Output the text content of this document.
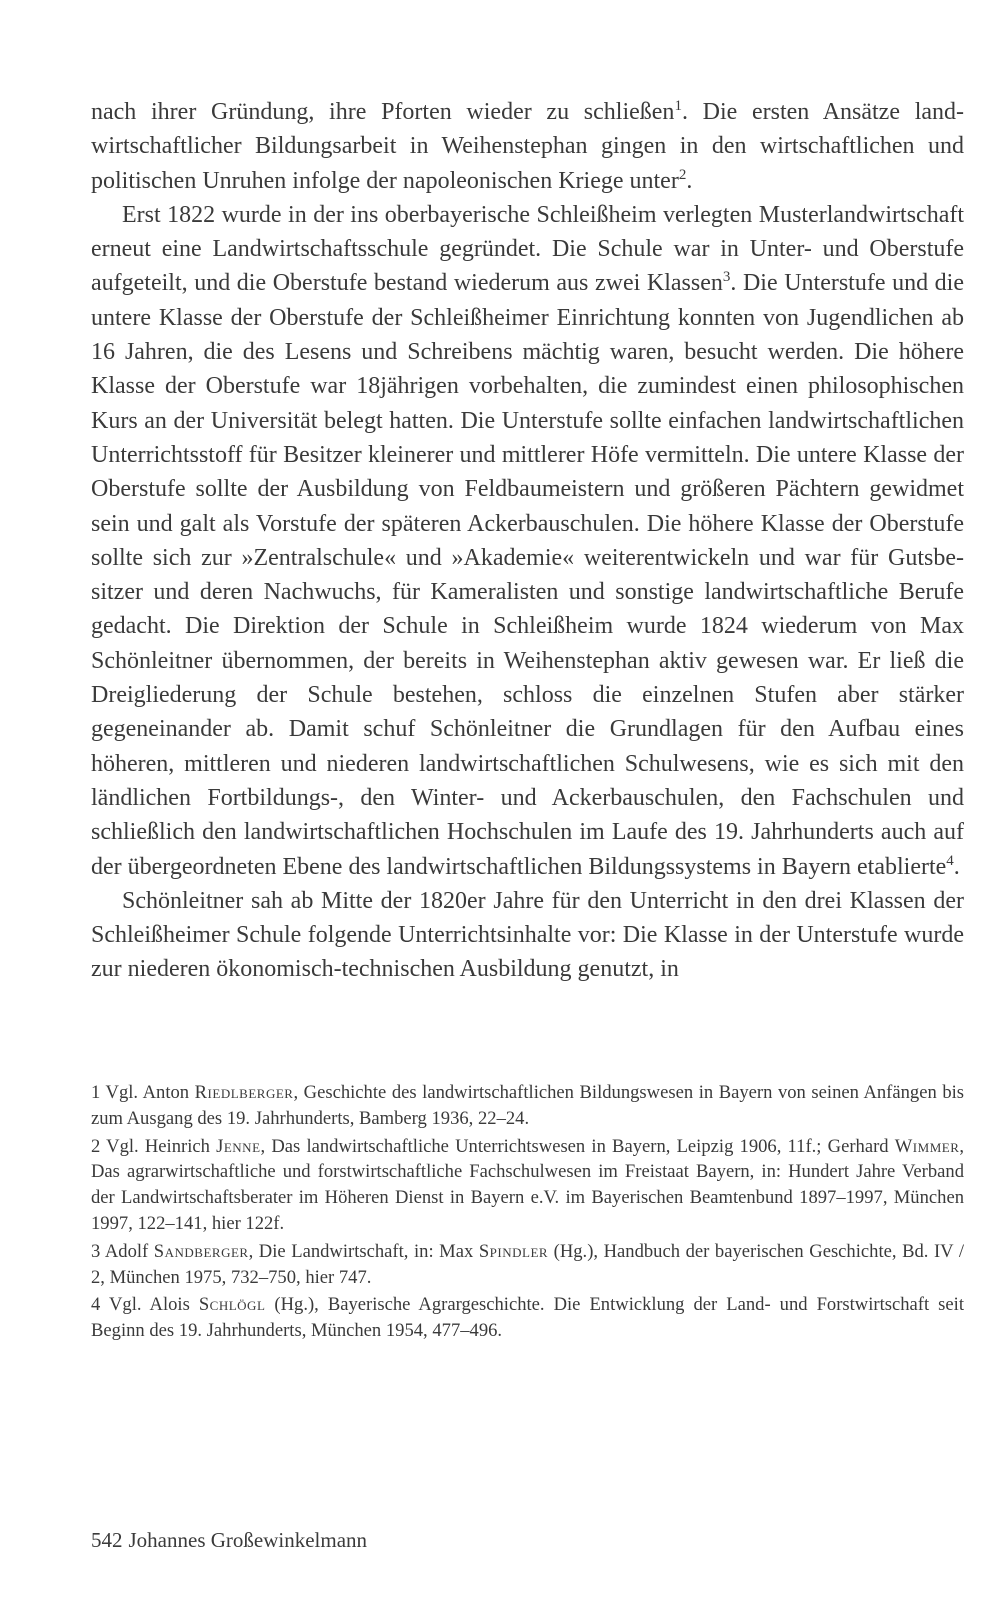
nach ihrer Gründung, ihre Pforten wieder zu schließen$^1$. Die ersten Ansätze landwirtschaftlicher Bildungsarbeit in Weihenstephan gingen in den wirtschaftlichen und politischen Unruhen infolge der napoleonischen Kriege unter$^2$.

Erst 1822 wurde in der ins oberbayerische Schleißheim verlegten Musterlandwirtschaft erneut eine Landwirtschaftsschule gegründet. Die Schule war in Unter- und Oberstufe aufgeteilt, und die Oberstufe bestand wiederum aus zwei Klassen$^3$. Die Unterstufe und die untere Klasse der Oberstufe der Schleißheimer Einrichtung konnten von Jugendlichen ab 16 Jahren, die des Lesens und Schreibens mächtig waren, besucht werden. Die höhere Klasse der Oberstufe war 18jährigen vorbehalten, die zumindest einen philosophischen Kurs an der Universität belegt hatten. Die Unterstufe sollte einfachen landwirtschaftlichen Unterrichtsstoff für Besitzer kleinerer und mittlerer Höfe vermitteln. Die untere Klasse der Oberstufe sollte der Ausbildung von Feldbaumeistern und größeren Pächtern gewidmet sein und galt als Vorstufe der späteren Ackerbauschulen. Die höhere Klasse der Oberstufe sollte sich zur »Zentralschule« und »Akademie« weiterentwickeln und war für Gutsbesitzer und deren Nachwuchs, für Kameralisten und sonstige landwirtschaftliche Berufe gedacht. Die Direktion der Schule in Schleißheim wurde 1824 wiederum von Max Schönleitner übernommen, der bereits in Weihenstephan aktiv gewesen war. Er ließ die Dreigliederung der Schule bestehen, schloss die einzelnen Stufen aber stärker gegeneinander ab. Damit schuf Schönleitner die Grundlagen für den Aufbau eines höheren, mittleren und niederen landwirtschaftlichen Schulwesens, wie es sich mit den ländlichen Fortbildungs-, den Winter- und Ackerbauschulen, den Fachschulen und schließlich den landwirtschaftlichen Hochschulen im Laufe des 19. Jahrhunderts auch auf der übergeordneten Ebene des landwirtschaftlichen Bildungssystems in Bayern etablierte$^4$.

Schönleitner sah ab Mitte der 1820er Jahre für den Unterricht in den drei Klassen der Schleißheimer Schule folgende Unterrichtsinhalte vor: Die Klasse in der Unterstufe wurde zur niederen ökonomisch-technischen Ausbildung genutzt, in

1 Vgl. Anton Riedlberger, Geschichte des landwirtschaftlichen Bildungswesen in Bayern von seinen Anfängen bis zum Ausgang des 19. Jahrhunderts, Bamberg 1936, 22–24.

2 Vgl. Heinrich Jenne, Das landwirtschaftliche Unterrichtswesen in Bayern, Leipzig 1906, 11f.; Gerhard Wimmer, Das agrarwirtschaftliche und forstwirtschaftliche Fachschulwesen im Freistaat Bayern, in: Hundert Jahre Verband der Landwirtschaftsberater im Höheren Dienst in Bayern e.V. im Bayerischen Beamtenbund 1897–1997, München 1997, 122–141, hier 122f.

3 Adolf Sandberger, Die Landwirtschaft, in: Max Spindler (Hg.), Handbuch der bayerischen Geschichte, Bd. IV / 2, München 1975, 732–750, hier 747.

4 Vgl. Alois Schlögl (Hg.), Bayerische Agrargeschichte. Die Entwicklung der Land- und Forstwirtschaft seit Beginn des 19. Jahrhunderts, München 1954, 477–496.

542 Johannes Großewinkelmann
